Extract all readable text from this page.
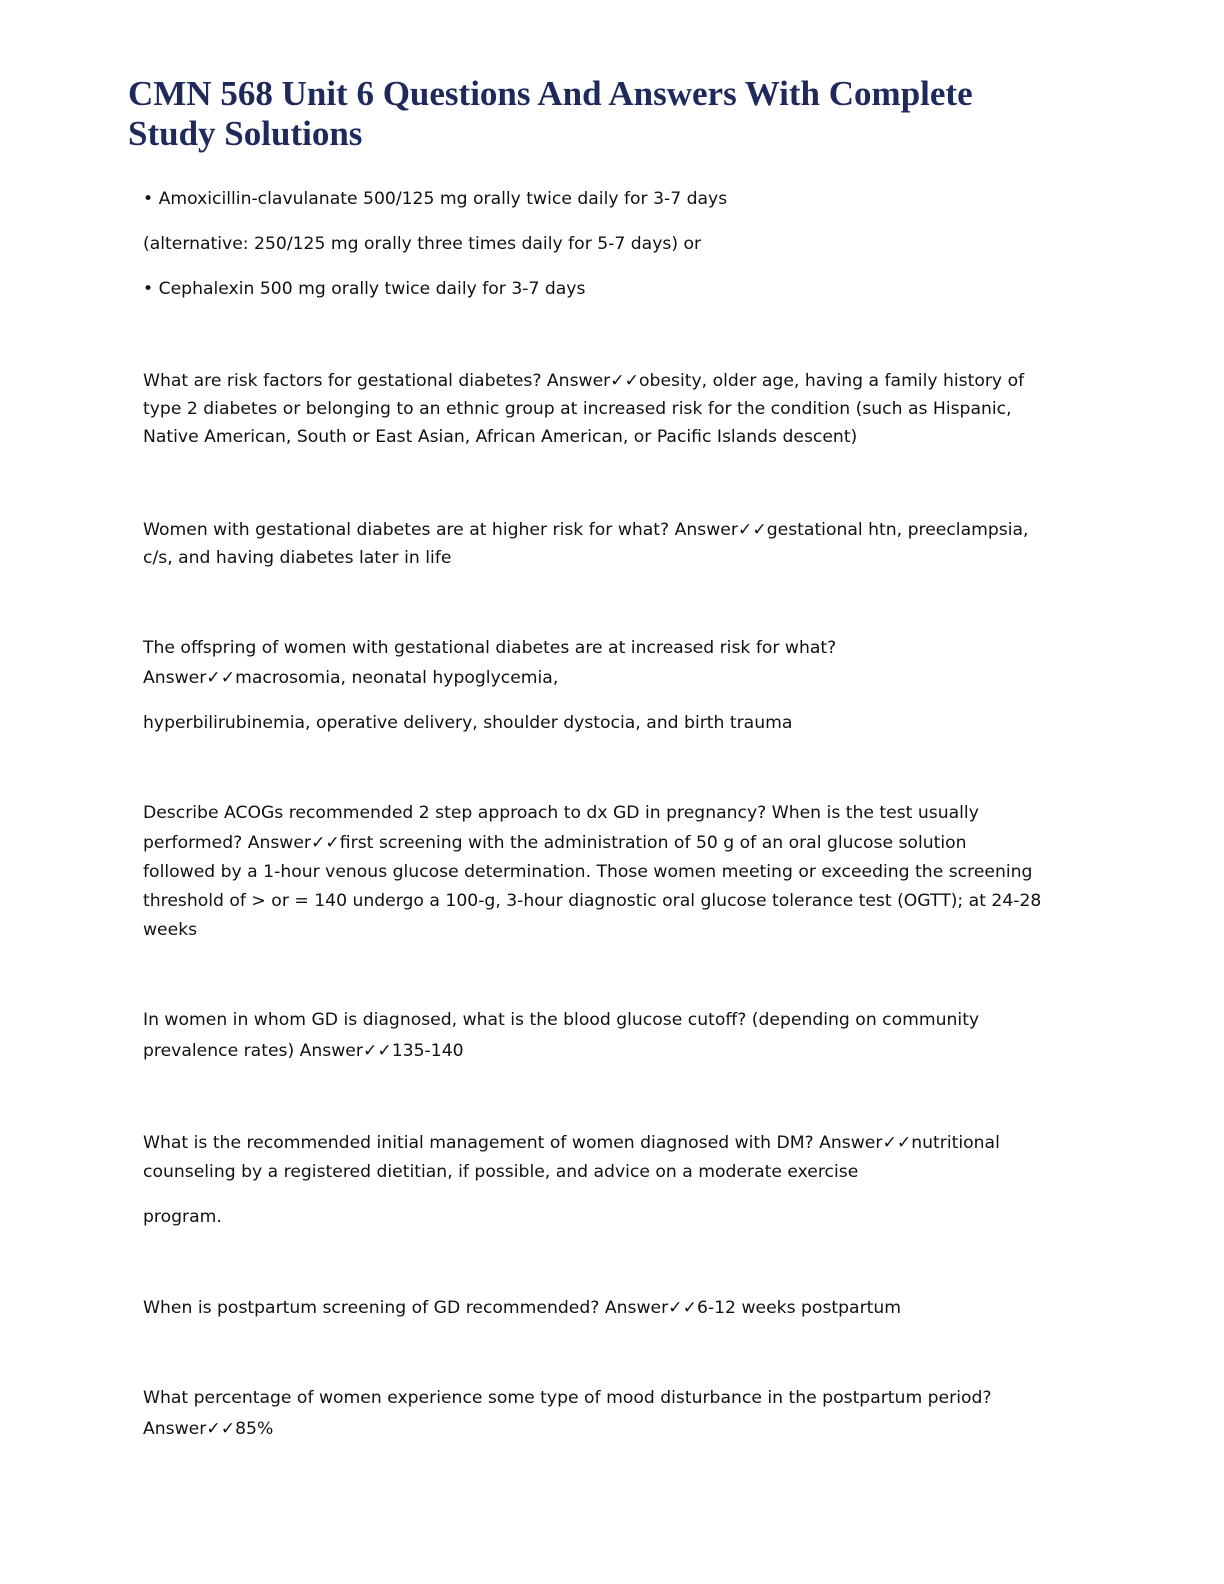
CMN 568 Unit 6 Questions And Answers With Complete
Study Solutions

• Amoxicillin-clavulanate 500/125 mg orally twice daily for 3-7 days

(alternative: 250/125 mg orally three times daily for 5-7 days) or

• Cephalexin 500 mg orally twice daily for 3-7 days

What are risk factors for gestational diabetes? Answer✓✓obesity, older age, having a family history of

type 2 diabetes or belonging to an ethnic group at increased risk for the condition (such as Hispanic,

Native American, South or East Asian, African American, or Pacific Islands descent)

Women with gestational diabetes are at higher risk for what? Answer✓✓gestational htn, preeclampsia,

c/s, and having diabetes later in life

The offspring of women with gestational diabetes are at increased risk for what?

Answer✓✓macrosomia, neonatal hypoglycemia,

hyperbilirubinemia, operative delivery, shoulder dystocia, and birth trauma

Describe ACOGs recommended 2 step approach to dx GD in pregnancy? When is the test usually

performed? Answer✓✓first screening with the administration of 50 g of an oral glucose solution

followed by a 1-hour venous glucose determination. Those women meeting or exceeding the screening

threshold of > or = 140 undergo a 100-g, 3-hour diagnostic oral glucose tolerance test (OGTT); at 24-28

weeks

In women in whom GD is diagnosed, what is the blood glucose cutoff? (depending on community

prevalence rates) Answer✓✓135-140

What is the recommended initial management of women diagnosed with DM? Answer✓✓nutritional

counseling by a registered dietitian, if possible, and advice on a moderate exercise

program.

When is postpartum screening of GD recommended? Answer✓✓6-12 weeks postpartum

What percentage of women experience some type of mood disturbance in the postpartum period?

Answer✓✓85%
